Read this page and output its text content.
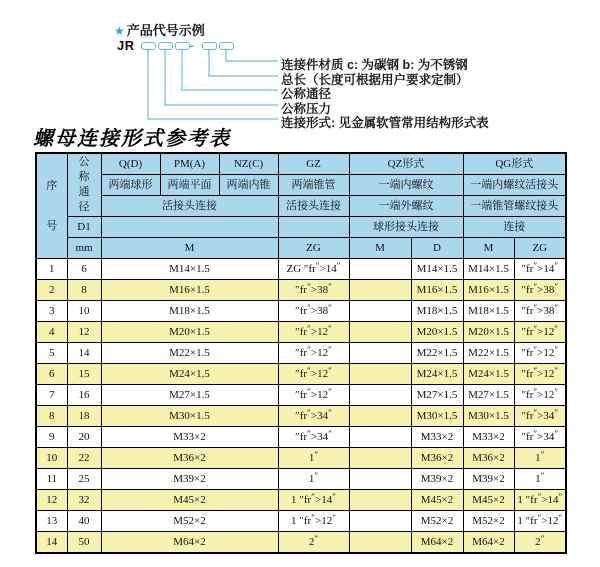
★ 产品代号示例
JR	-
连接件材质 c: 为碳钢 b: 为不锈钢
总长（长度可根据用户要求定制）
公称通径
公称压力
连接形式: 见金属软管常用结构形式表
螺母连接形式参考表
序号	公称通径	Q(D)	PM(A)	NZ(C)	GZ	QZ形式		QG形式	
		两端球形	两端平面	两端内锥	两端锥管	一端内螺纹		一端内螺纹活接头	
		活接头连接			活接头连接	一端外螺纹		一端锥管螺纹接头	
	D1					球形接头连接		连接	
	mm	M			ZG	M	D	M	ZG
1	6	M14×1.5			ZG ″fr″>14″		M14×1.5	M14×1.5	″fr″>14″
2	8	M16×1.5			″fr″>38″		M16×1.5	M16×1.5	″fr″>38″
3	10	M18×1.5			″fr″>38″		M18×1.5	M18×1.5	″fr″>38″
4	12	M20×1.5			″fr″>12″		M20×1.5	M20×1.5	″fr″>12″
5	14	M22×1.5			″fr″>12″		M22×1.5	M22×1.5	″fr″>12″
6	15	M24×1.5			″fr″>12″		M24×1.5	M24×1.5	″fr″>12″
7	16	M27×1.5			″fr″>12″		M27×1.5	M27×1.5	″fr″>12″
8	18	M30×1.5			″fr″>34″		M30×1.5	M30×1.5	″fr″>34″
9	20	M33×2			″fr″>34″		M33×2	M33×2	″fr″>34″
10	22	M36×2			1″		M36×2	M36×2	1″
11	25	M39×2			1″		M39×2	M39×2	1″
12	32	M45×2			1 ″fr″>14″		M45×2	M45×2	1 ″fr″>14″
13	40	M52×2			1 ″fr″>12″		M52×2	M52×2	1 ″fr″>12″
14	50	M64×2			2″		M64×2	M64×2	2″
